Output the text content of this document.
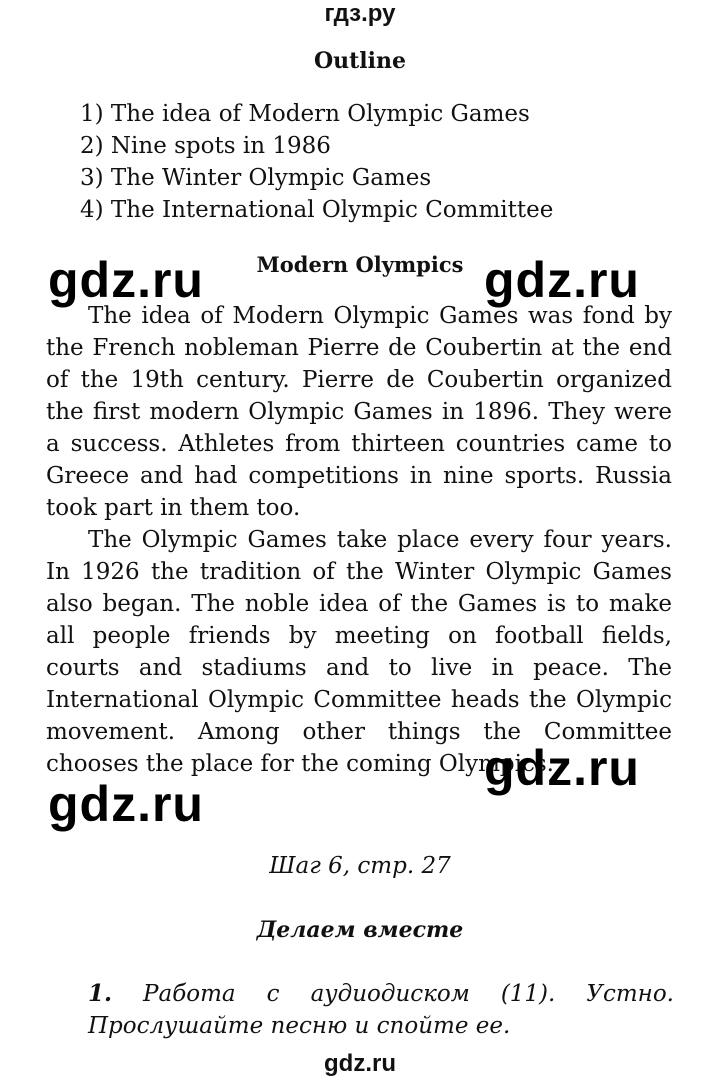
гдз.ру
Outline
1) The idea of Modern Olympic Games
2) Nine spots in 1986
3) The Winter Olympic Games
4) The International Olympic Committee
Modern Olympics

The idea of Modern Olympic Games was fond by the French nobleman Pierre de Coubertin at the end of the 19th century. Pierre de Coubertin organized the first modern Olympic Games in 1896. They were a success. Athletes from thirteen countries came to Greece and had competitions in nine sports. Russia took part in them too.

The Olympic Games take place every four years. In 1926 the tradition of the Winter Olympic Games also began. The noble idea of the Games is to make all people friends by meeting on football fields, courts and stadiums and to live in peace. The International Olympic Committee heads the Olympic movement. Among other things the Committee chooses the place for the coming Olympics.

gdz.ru	gdz.ru
gdz.ru
gdz.ru
Шаг 6, стр. 27
Делаем вместе
1. Работа с аудиодиском (11). Устно. Прослушайте песню и спойте ее.
gdz.ru
